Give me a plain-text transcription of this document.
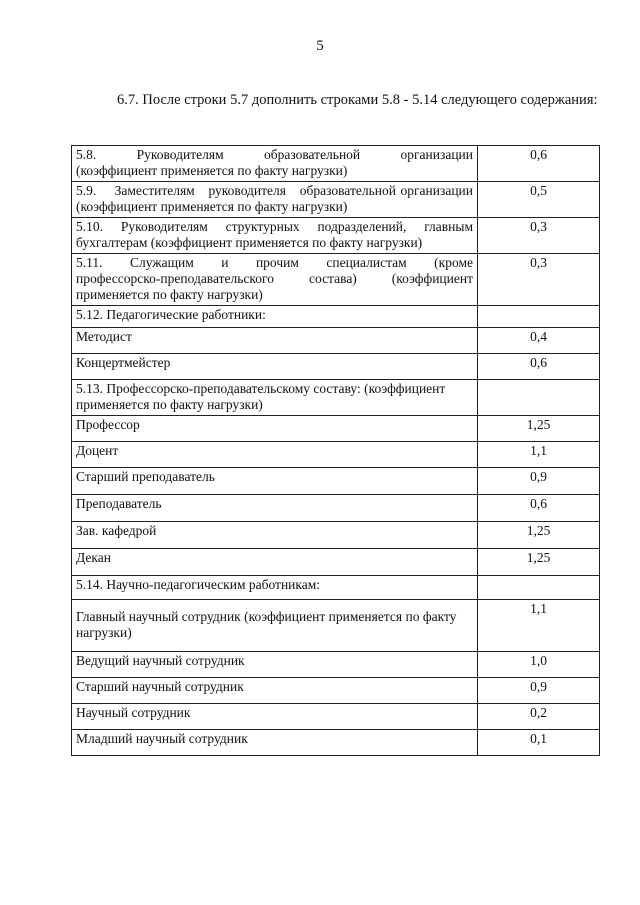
5
6.7. После строки 5.7 дополнить строками 5.8 - 5.14 следующего содержания:
5.8.    Руководителям    образовательной    организации (коэффициент применяется по факту нагрузки)	0,6
5.9.    Заместителям   руководителя   образовательной организации (коэффициент применяется по факту нагрузки)	0,5
5.10. Руководителям структурных подразделений, главным бухгалтерам (коэффициент применяется по факту нагрузки)	0,3
5.11.   Служащим   и   прочим   специалистам   (кроме профессорско-преподавательского состава) (коэффициент применяется по факту нагрузки)	0,3
5.12. Педагогические работники:	
Методист	0,4
Концертмейстер	0,6
5.13. Профессорско-преподавательскому составу: (коэффициент применяется по факту нагрузки)	
Профессор	1,25
Доцент	1,1
Старший преподаватель	0,9
Преподаватель	0,6
Зав. кафедрой	1,25
Декан	1,25
5.14. Научно-педагогическим работникам:	
Главный научный сотрудник (коэффициент применяется по факту нагрузки)	1,1
Ведущий научный сотрудник	1,0
Старший научный сотрудник	0,9
Научный сотрудник	0,2
Младший научный сотрудник	0,1
